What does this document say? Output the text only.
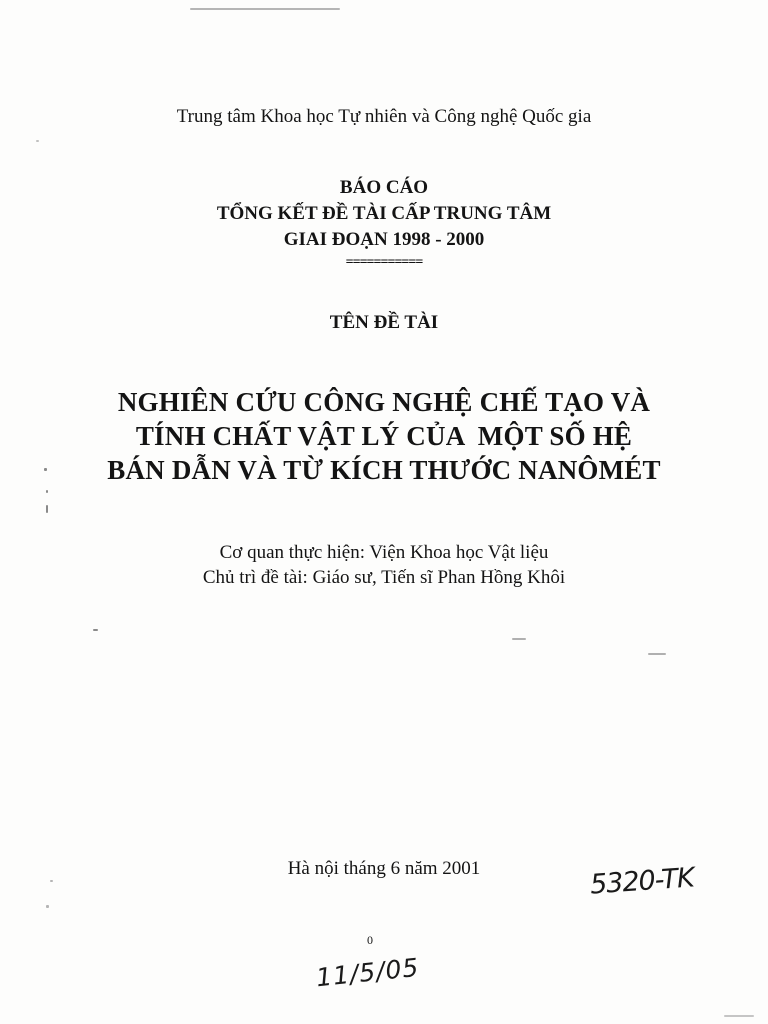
Trung tâm Khoa học Tự nhiên và Công nghệ Quốc gia
BÁO CÁO
TỔNG KẾT ĐỀ TÀI CẤP TRUNG TÂM
GIAI ĐOẠN 1998 - 2000
===========
TÊN ĐỀ TÀI
NGHIÊN CỨU CÔNG NGHỆ CHẾ TẠO VÀ
TÍNH CHẤT VẬT LÝ CỦA  MỘT SỐ HỆ
BÁN DẪN VÀ TỪ KÍCH THƯỚC NANÔMÉT
Cơ quan thực hiện: Viện Khoa học Vật liệu
Chủ trì đề tài: Giáo sư, Tiến sĩ Phan Hồng Khôi
Hà nội tháng 6 năm 2001
0
5320-TK
11/5/05
